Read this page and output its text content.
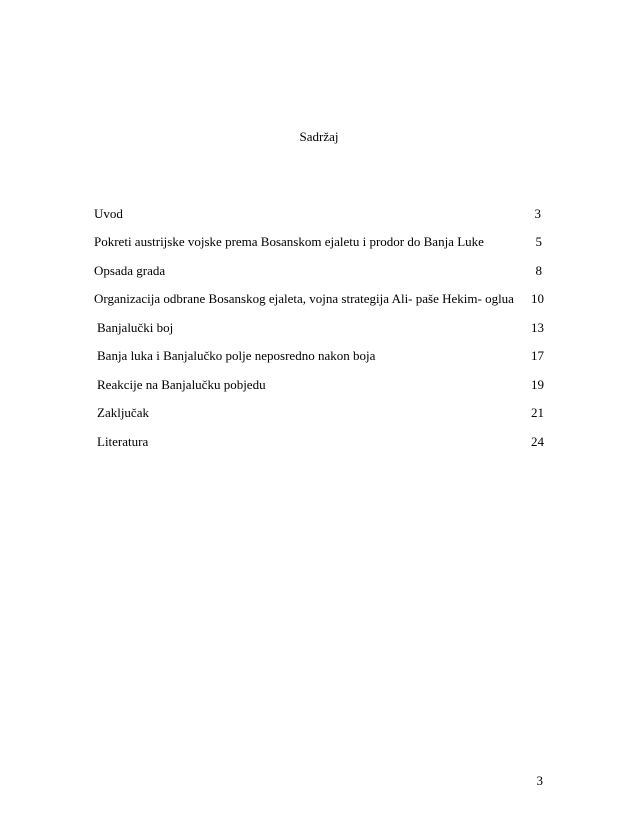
Sadržaj
Uvod	3
Pokreti austrijske vojske prema Bosanskom ejaletu i prodor do Banja Luke	5
Opsada grada	8
Organizacija odbrane Bosanskog ejaleta, vojna strategija Ali- paše Hekim- oglua 10
Banjalučki boj	13
Banja luka i Banjalučko polje neposredno nakon boja	17
Reakcije na Banjalučku pobjedu	19
Zaključak	21
Literatura	24
3
